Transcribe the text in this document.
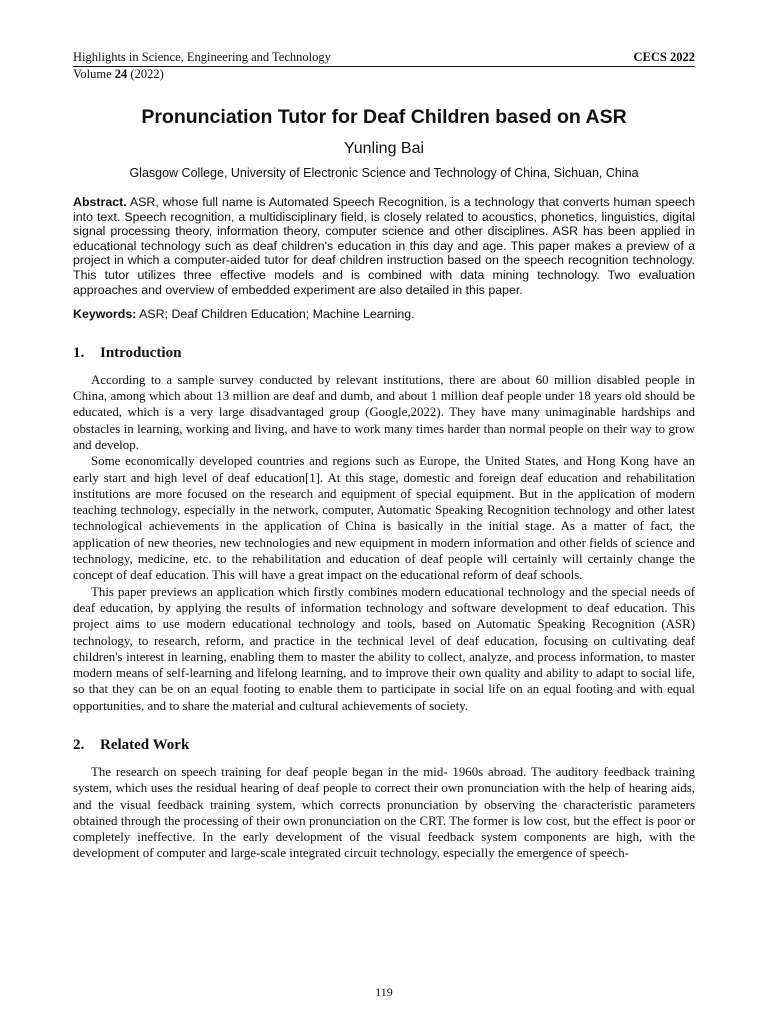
Highlights in Science, Engineering and Technology	CECS 2022
Volume 24 (2022)
Pronunciation Tutor for Deaf Children based on ASR
Yunling Bai
Glasgow College, University of Electronic Science and Technology of China, Sichuan, China
Abstract. ASR, whose full name is Automated Speech Recognition, is a technology that converts human speech into text. Speech recognition, a multidisciplinary field, is closely related to acoustics, phonetics, linguistics, digital signal processing theory, information theory, computer science and other disciplines. ASR has been applied in educational technology such as deaf children's education in this day and age. This paper makes a preview of a project in which a computer-aided tutor for deaf children instruction based on the speech recognition technology. This tutor utilizes three effective models and is combined with data mining technology. Two evaluation approaches and overview of embedded experiment are also detailed in this paper.
Keywords: ASR; Deaf Children Education; Machine Learning.
1. Introduction

According to a sample survey conducted by relevant institutions, there are about 60 million disabled people in China, among which about 13 million are deaf and dumb, and about 1 million deaf people under 18 years old should be educated, which is a very large disadvantaged group (Google,2022). They have many unimaginable hardships and obstacles in learning, working and living, and have to work many times harder than normal people on their way to grow and develop.

Some economically developed countries and regions such as Europe, the United States, and Hong Kong have an early start and high level of deaf education[1]. At this stage, domestic and foreign deaf education and rehabilitation institutions are more focused on the research and equipment of special equipment. But in the application of modern teaching technology, especially in the network, computer, Automatic Speaking Recognition technology and other latest technological achievements in the application of China is basically in the initial stage. As a matter of fact, the application of new theories, new technologies and new equipment in modern information and other fields of science and technology, medicine, etc. to the rehabilitation and education of deaf people will certainly will certainly change the concept of deaf education. This will have a great impact on the educational reform of deaf schools.

This paper previews an application which firstly combines modern educational technology and the special needs of deaf education, by applying the results of information technology and software development to deaf education. This project aims to use modern educational technology and tools, based on Automatic Speaking Recognition (ASR) technology, to research, reform, and practice in the technical level of deaf education, focusing on cultivating deaf children's interest in learning, enabling them to master the ability to collect, analyze, and process information, to master modern means of self-learning and lifelong learning, and to improve their own quality and ability to adapt to social life, so that they can be on an equal footing to enable them to participate in social life on an equal footing and with equal opportunities, and to share the material and cultural achievements of society.

2. Related Work

The research on speech training for deaf people began in the mid- 1960s abroad. The auditory feedback training system, which uses the residual hearing of deaf people to correct their own pronunciation with the help of hearing aids, and the visual feedback training system, which corrects pronunciation by observing the characteristic parameters obtained through the processing of their own pronunciation on the CRT. The former is low cost, but the effect is poor or completely ineffective. In the early development of the visual feedback system components are high, with the development of computer and large-scale integrated circuit technology, especially the emergence of speech-

119
